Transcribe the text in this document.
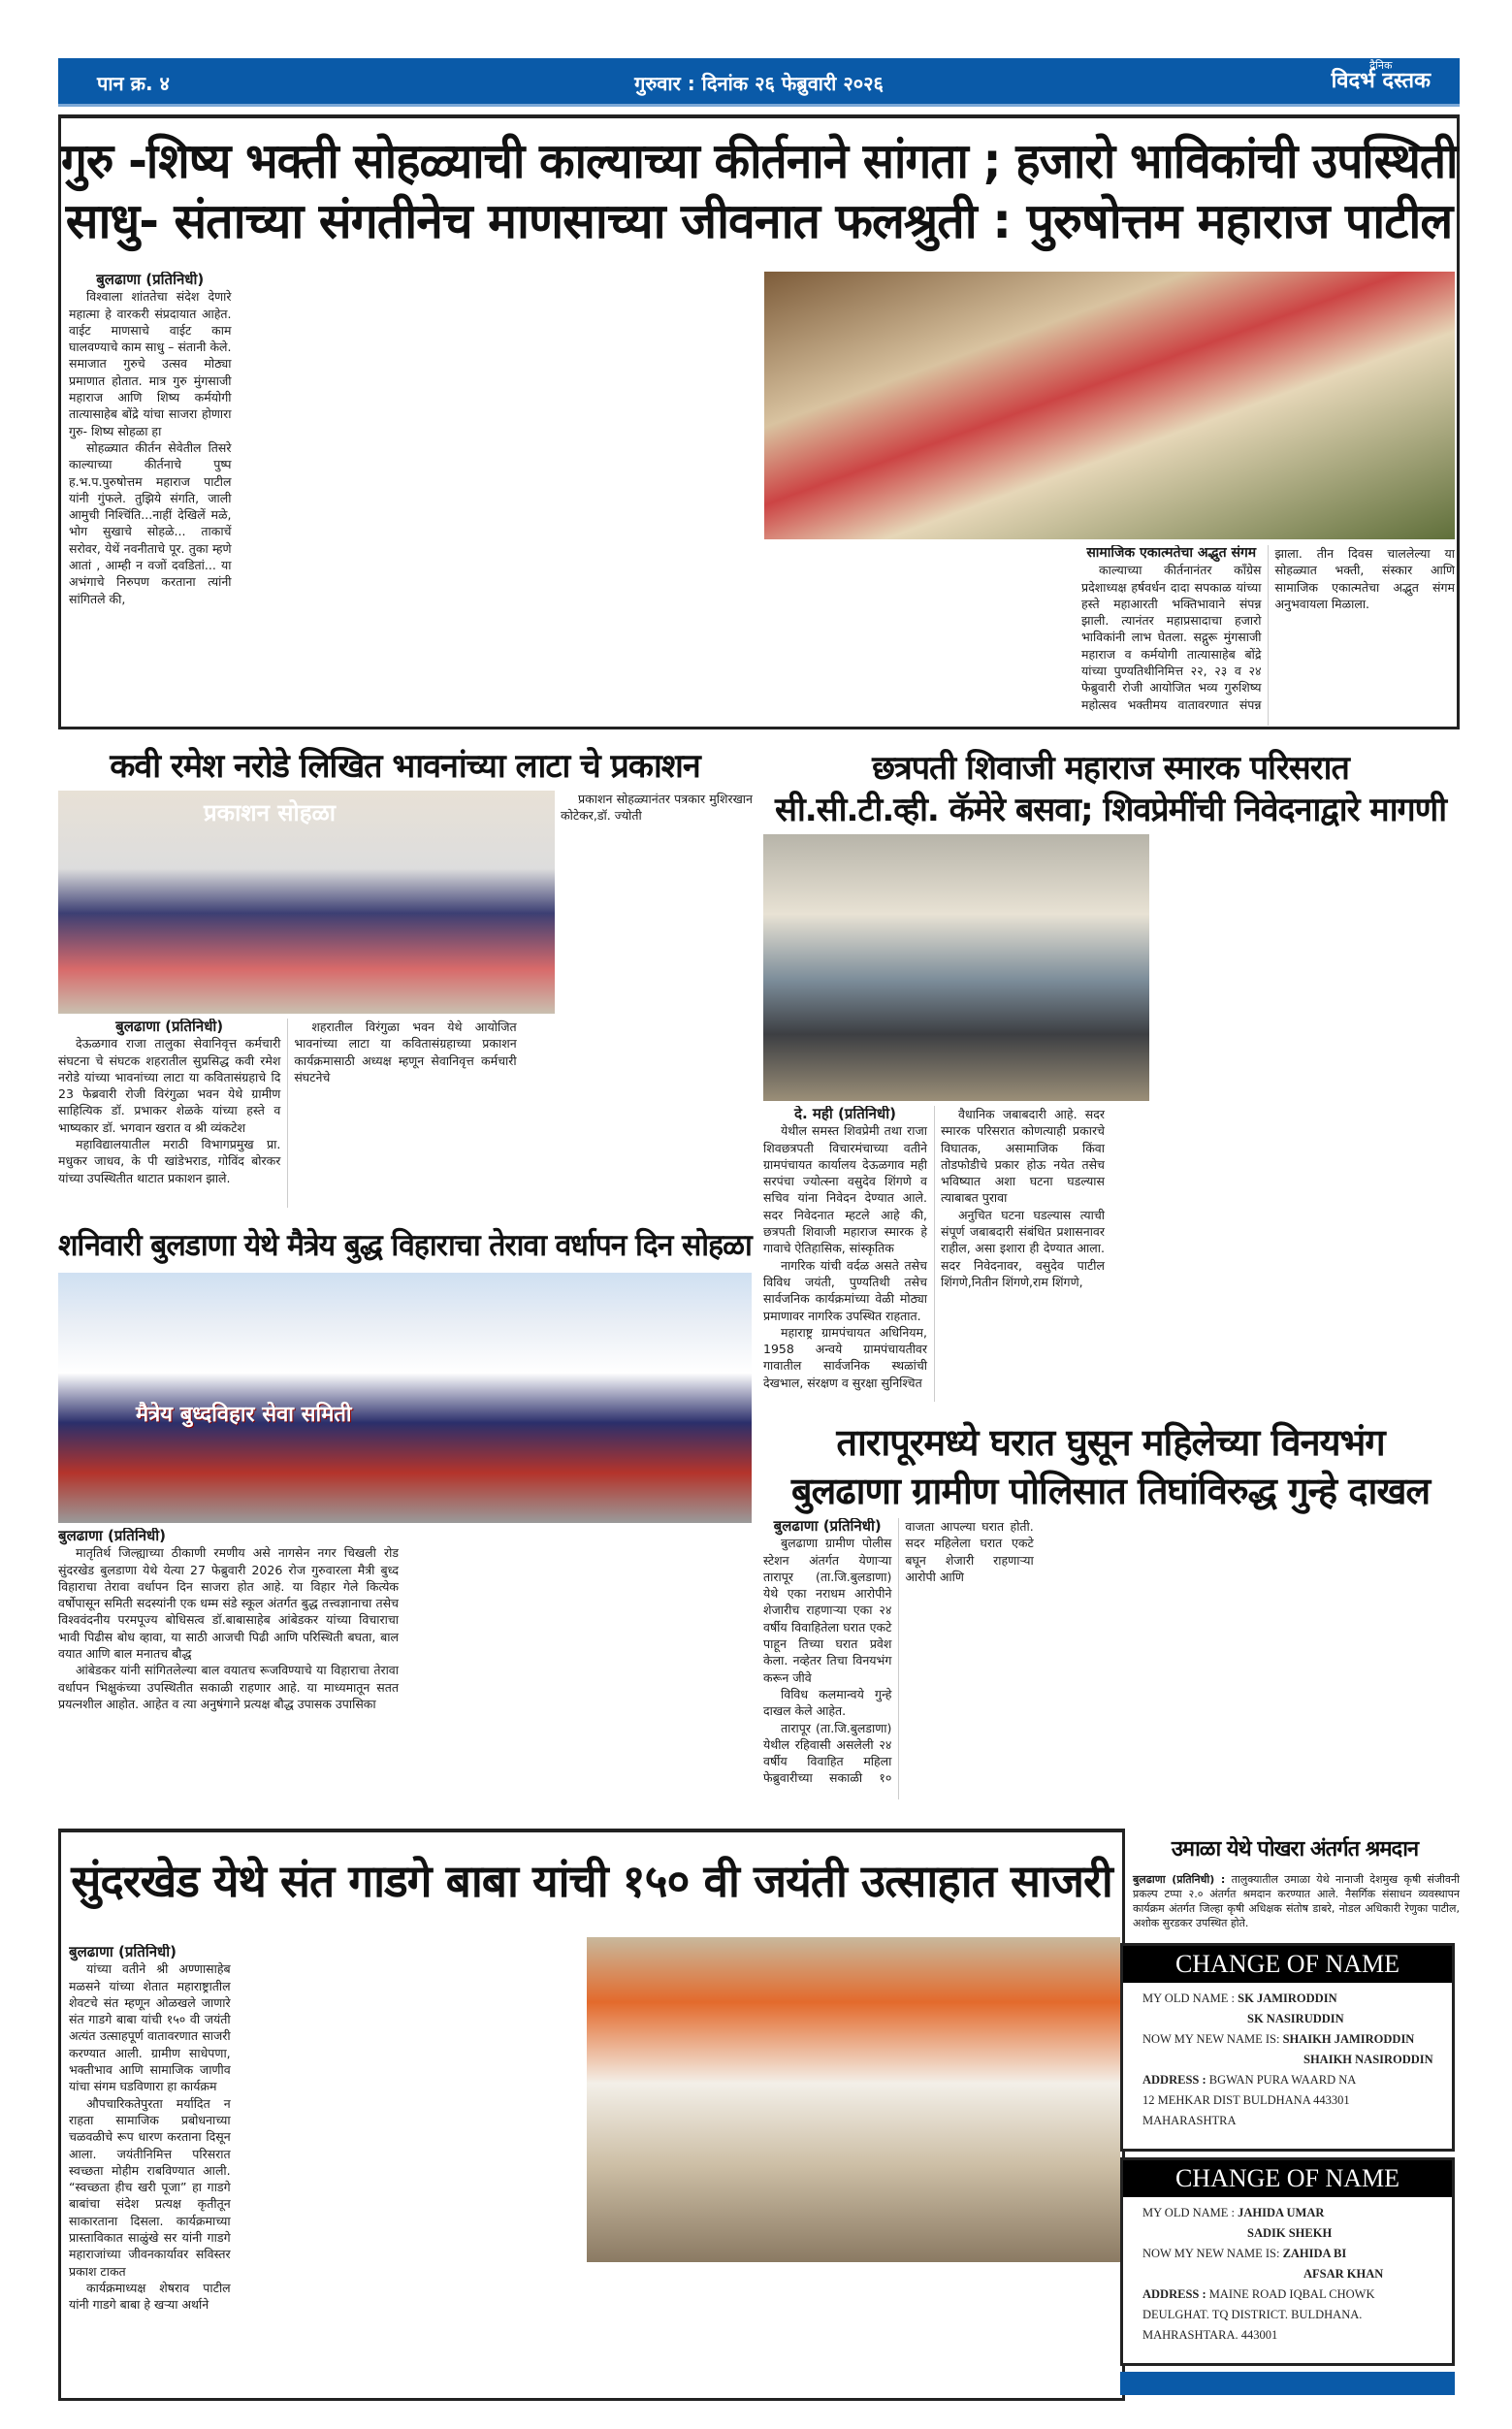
पान क्र. ४	गुरुवार : दिनांक २६ फेब्रुवारी २०२६
दैनिक
विदर्भ दस्तक
गुरु -शिष्य भक्ती सोहळ्याची काल्याच्या कीर्तनाने सांगता ; हजारो भाविकांची उपस्थिती
साधु- संताच्या संगतीनेच माणसाच्या जीवनात फलश्रुती : पुरुषोत्तम महाराज पाटील

बुलढाणा (प्रतिनिधी)

विश्वाला शांततेचा संदेश देणारे महात्मा हे वारकरी संप्रदायात आहेत. वाईट माणसाचे वाईट काम घालवण्याचे काम साधु – संतानी केले. समाजात गुरुचे उत्सव मोठ्या प्रमाणात होतात. मात्र गुरु मुंगसाजी महाराज आणि शिष्य कर्मयोगी तात्यासाहेब बोंद्रे यांचा साजरा होणारा गुरु- शिष्य सोहळा हा

सोहळ्यात कीर्तन सेवेतील तिसरे काल्याच्या कीर्तनाचे पुष्प ह.भ.प.पुरुषोत्तम महाराज पाटील यांनी गुंफले. तुझिये संगति, जाली आमुची निश्चिंति...नाहीं देखिलें मळे, भोग सुखाचे सोहळे... ताकाचें सरोवर, येथें नवनीताचे पूर. तुका म्हणे आतां , आम्ही न वजों दवडितां... या अभंगाचे निरुपण करताना त्यांनी सांगितले की,

सामाजिक एकात्मतेचा अद्भुत संगम

काल्याच्या कीर्तनानंतर काँग्रेस प्रदेशाध्यक्ष हर्षवर्धन दादा सपकाळ यांच्या हस्ते महाआरती भक्तिभावाने संपन्न झाली. त्यानंतर महाप्रसादाचा हजारो भाविकांनी लाभ घेतला. सद्गुरू मुंगसाजी महाराज व कर्मयोगी तात्यासाहेब बोंद्रे यांच्या पुण्यतिथीनिमित्त २२, २३ व २४ फेब्रुवारी रोजी आयोजित भव्य गुरुशिष्य महोत्सव भक्तीमय वातावरणात संपन्न झाला. तीन दिवस चाललेल्या या सोहळ्यात भक्ती, संस्कार आणि सामाजिक एकात्मतेचा अद्भुत संगम अनुभवायला मिळाला.

कवी रमेश नरोडे लिखित भावनांच्या लाटा चे प्रकाशन
प्रकाशन सोहळा

प्रकाशन सोहळ्यानंतर पत्रकार मुशिरखान कोटेकर,डॉ. ज्योती

बुलढाणा (प्रतिनिधी)

देऊळगाव राजा तालुका सेवानिवृत्त कर्मचारी संघटना चे संघटक शहरातील सुप्रसिद्ध कवी रमेश नरोडे यांच्या भावनांच्या लाटा या कवितासंग्रहाचे दि 23 फेब्रवारी रोजी विरंगुळा भवन येथे ग्रामीण साहित्यिक डॉ. प्रभाकर शेळके यांच्या हस्ते व भाष्यकार डॉ. भगवान खरात व श्री व्यंकटेश

महाविद्यालयातील मराठी विभागप्रमुख प्रा. मधुकर जाधव, के पी खांडेभराड, गोविंद बोरकर यांच्या उपस्थितीत थाटात प्रकाशन झाले.

शहरातील विरंगुळा भवन येथे आयोजित भावनांच्या लाटा या कवितासंग्रहाच्या प्रकाशन कार्यक्रमासाठी अध्यक्ष म्हणून सेवानिवृत्त कर्मचारी संघटनेचे

शनिवारी बुलडाणा येथे मैत्रेय बुद्ध विहाराचा तेरावा वर्धापन दिन सोहळा
मैत्रेय बुध्दविहार सेवा समिती

बुलढाणा (प्रतिनिधी)

मातृतिर्थ जिल्ह्याच्या ठीकाणी रमणीय असे नागसेन नगर चिखली रोड सुंदरखेड बुलडाणा येथे येत्या 27 फेब्रुवारी 2026 रोज गुरुवारला मैत्री बुध्द विहाराचा तेरावा वर्धापन दिन साजरा होत आहे. या विहार गेले कित्येक वर्षोपासून समिती सदस्यांनी एक धम्म संडे स्कूल अंतर्गत बुद्ध तत्त्वज्ञानाचा तसेच विश्ववंदनीय परमपूज्य बोधिसत्व डॉ.बाबासाहेब आंबेडकर यांच्या विचाराचा भावी पिढीस बोध व्हावा, या साठी आजची पिढी आणि परिस्थिती बघता, बाल वयात आणि बाल मनातच बौद्ध

आंबेडकर यांनी सांगितलेल्या बाल वयातच रूजविण्याचे या विहाराचा तेरावा वर्धापन भिक्षुकंच्या उपस्थितीत सकाळी राहणार आहे. या माध्यमातून सतत प्रयत्नशील आहोत. आहेत व त्या अनुषंगाने प्रत्यक्ष बौद्ध उपासक उपासिका

छत्रपती शिवाजी महाराज स्मारक परिसरात
सी.सी.टी.व्ही. कॅमेरे बसवा; शिवप्रेमींची निवेदनाद्वारे मागणी

दे. मही (प्रतिनिधी)

येथील समस्त शिवप्रेमी तथा राजा शिवछत्रपती विचारमंचाच्या वतीने ग्रामपंचायत कार्यालय देऊळगाव मही सरपंचा ज्योत्स्ना वसुदेव शिंगणे व सचिव यांना निवेदन देण्यात आले. सदर निवेदनात म्हटले आहे की, छत्रपती शिवाजी महाराज स्मारक हे गावाचे ऐतिहासिक, सांस्कृतिक

नागरिक यांची वर्दळ असते तसेच विविध जयंती, पुण्यतिथी तसेच सार्वजनिक कार्यक्रमांच्या वेळी मोठ्या प्रमाणावर नागरिक उपस्थित राहतात.

महाराष्ट्र ग्रामपंचायत अधिनियम, 1958 अन्वये ग्रामपंचायतीवर गावातील सार्वजनिक स्थळांची देखभाल, संरक्षण व सुरक्षा सुनिश्चित

वैधानिक जबाबदारी आहे. सदर स्मारक परिसरात कोणत्याही प्रकारचे विघातक, असामाजिक किंवा तोडफोडीचे प्रकार होऊ नयेत तसेच भविष्यात अशा घटना घडल्यास त्याबाबत पुरावा

अनुचित घटना घडल्यास त्याची संपूर्ण जबाबदारी संबंधित प्रशासनावर राहील, असा इशारा ही देण्यात आला. सदर निवेदनावर, वसुदेव पाटील शिंगणे,नितीन शिंगणे,राम शिंगणे,

तारापूरमध्ये घरात घुसून महिलेच्या विनयभंग
बुलढाणा ग्रामीण पोलिसात तिघांविरुद्ध गुन्हे दाखल

बुलढाणा (प्रतिनिधी)

बुलढाणा ग्रामीण पोलीस स्टेशन अंतर्गत येणाऱ्या तारापूर (ता.जि.बुलडाणा) येथे एका नराधम आरोपीने शेजारीच राहणाऱ्या एका २४ वर्षीय विवाहितेला घरात एकटे पाहून तिच्या घरात प्रवेश केला. नव्हेतर तिचा विनयभंग करून जीवे

विविध कलमान्वये गुन्हे दाखल केले आहेत.

तारापूर (ता.जि.बुलडाणा) येथील रहिवासी असलेली २४ वर्षीय विवाहित महिला फेब्रुवारीच्या सकाळी १० वाजता आपल्या घरात होती. सदर महिलेला घरात एकटे बघून शेजारी राहणाऱ्या आरोपी आणि

सुंदरखेड येथे संत गाडगे बाबा यांची १५० वी जयंती उत्साहात साजरी

बुलढाणा (प्रतिनिधी)

यांच्या वतीने श्री अण्णासाहेब मळसने यांच्या शेतात महाराष्ट्रातील शेवटचे संत म्हणून ओळखले जाणारे संत गाडगे बाबा यांची १५० वी जयंती अत्यंत उत्साहपूर्ण वातावरणात साजरी करण्यात आली. ग्रामीण साधेपणा, भक्तीभाव आणि सामाजिक जाणीव यांचा संगम घडविणारा हा कार्यक्रम

औपचारिकतेपुरता मर्यादित न राहता सामाजिक प्रबोधनाच्या चळवळीचे रूप धारण करताना दिसून आला. जयंतीनिमित्त परिसरात स्वच्छता मोहीम राबविण्यात आली. “स्वच्छता हीच खरी पूजा” हा गाडगे बाबांचा संदेश प्रत्यक्ष कृतीतून साकारताना दिसला. कार्यक्रमाच्या प्रास्ताविकात साळुंखे सर यांनी गाडगे महाराजांच्या जीवनकार्यावर सविस्तर प्रकाश टाकत

कार्यक्रमाध्यक्ष शेषराव पाटील यांनी गाडगे बाबा हे खऱ्या अर्थाने

उमाळा येथे पोखरा अंतर्गत श्रमदान
बुलढाणा (प्रतिनिधी) : तालुक्यातील उमाळा येथे नानाजी देशमुख कृषी संजीवनी प्रकल्प टप्पा २.० अंतर्गत श्रमदान करण्यात आले. नैसर्गिक संसाधन व्यवस्थापन कार्यक्रम अंतर्गत जिल्हा कृषी अधिक्षक संतोष डाबरे, नोडल अधिकारी रेणुका पाटील, अशोक सुरडकर उपस्थित होते.
CHANGE OF NAME
MY OLD NAME : SK JAMIRODDIN
SK NASIRUDDIN
NOW MY NEW NAME IS: SHAIKH JAMIRODDIN
SHAIKH NASIRODDIN
ADDRESS : BGWAN PURA WAARD NA
12 MEHKAR DIST BULDHANA 443301
MAHARASHTRA
CHANGE OF NAME
MY OLD NAME : JAHIDA UMAR
SADIK SHEKH
NOW MY NEW NAME IS: ZAHIDA BI
AFSAR KHAN
ADDRESS : MAINE ROAD IQBAL CHOWK
DEULGHAT. TQ DISTRICT. BULDHANA.
MAHRASHTARA. 443001
